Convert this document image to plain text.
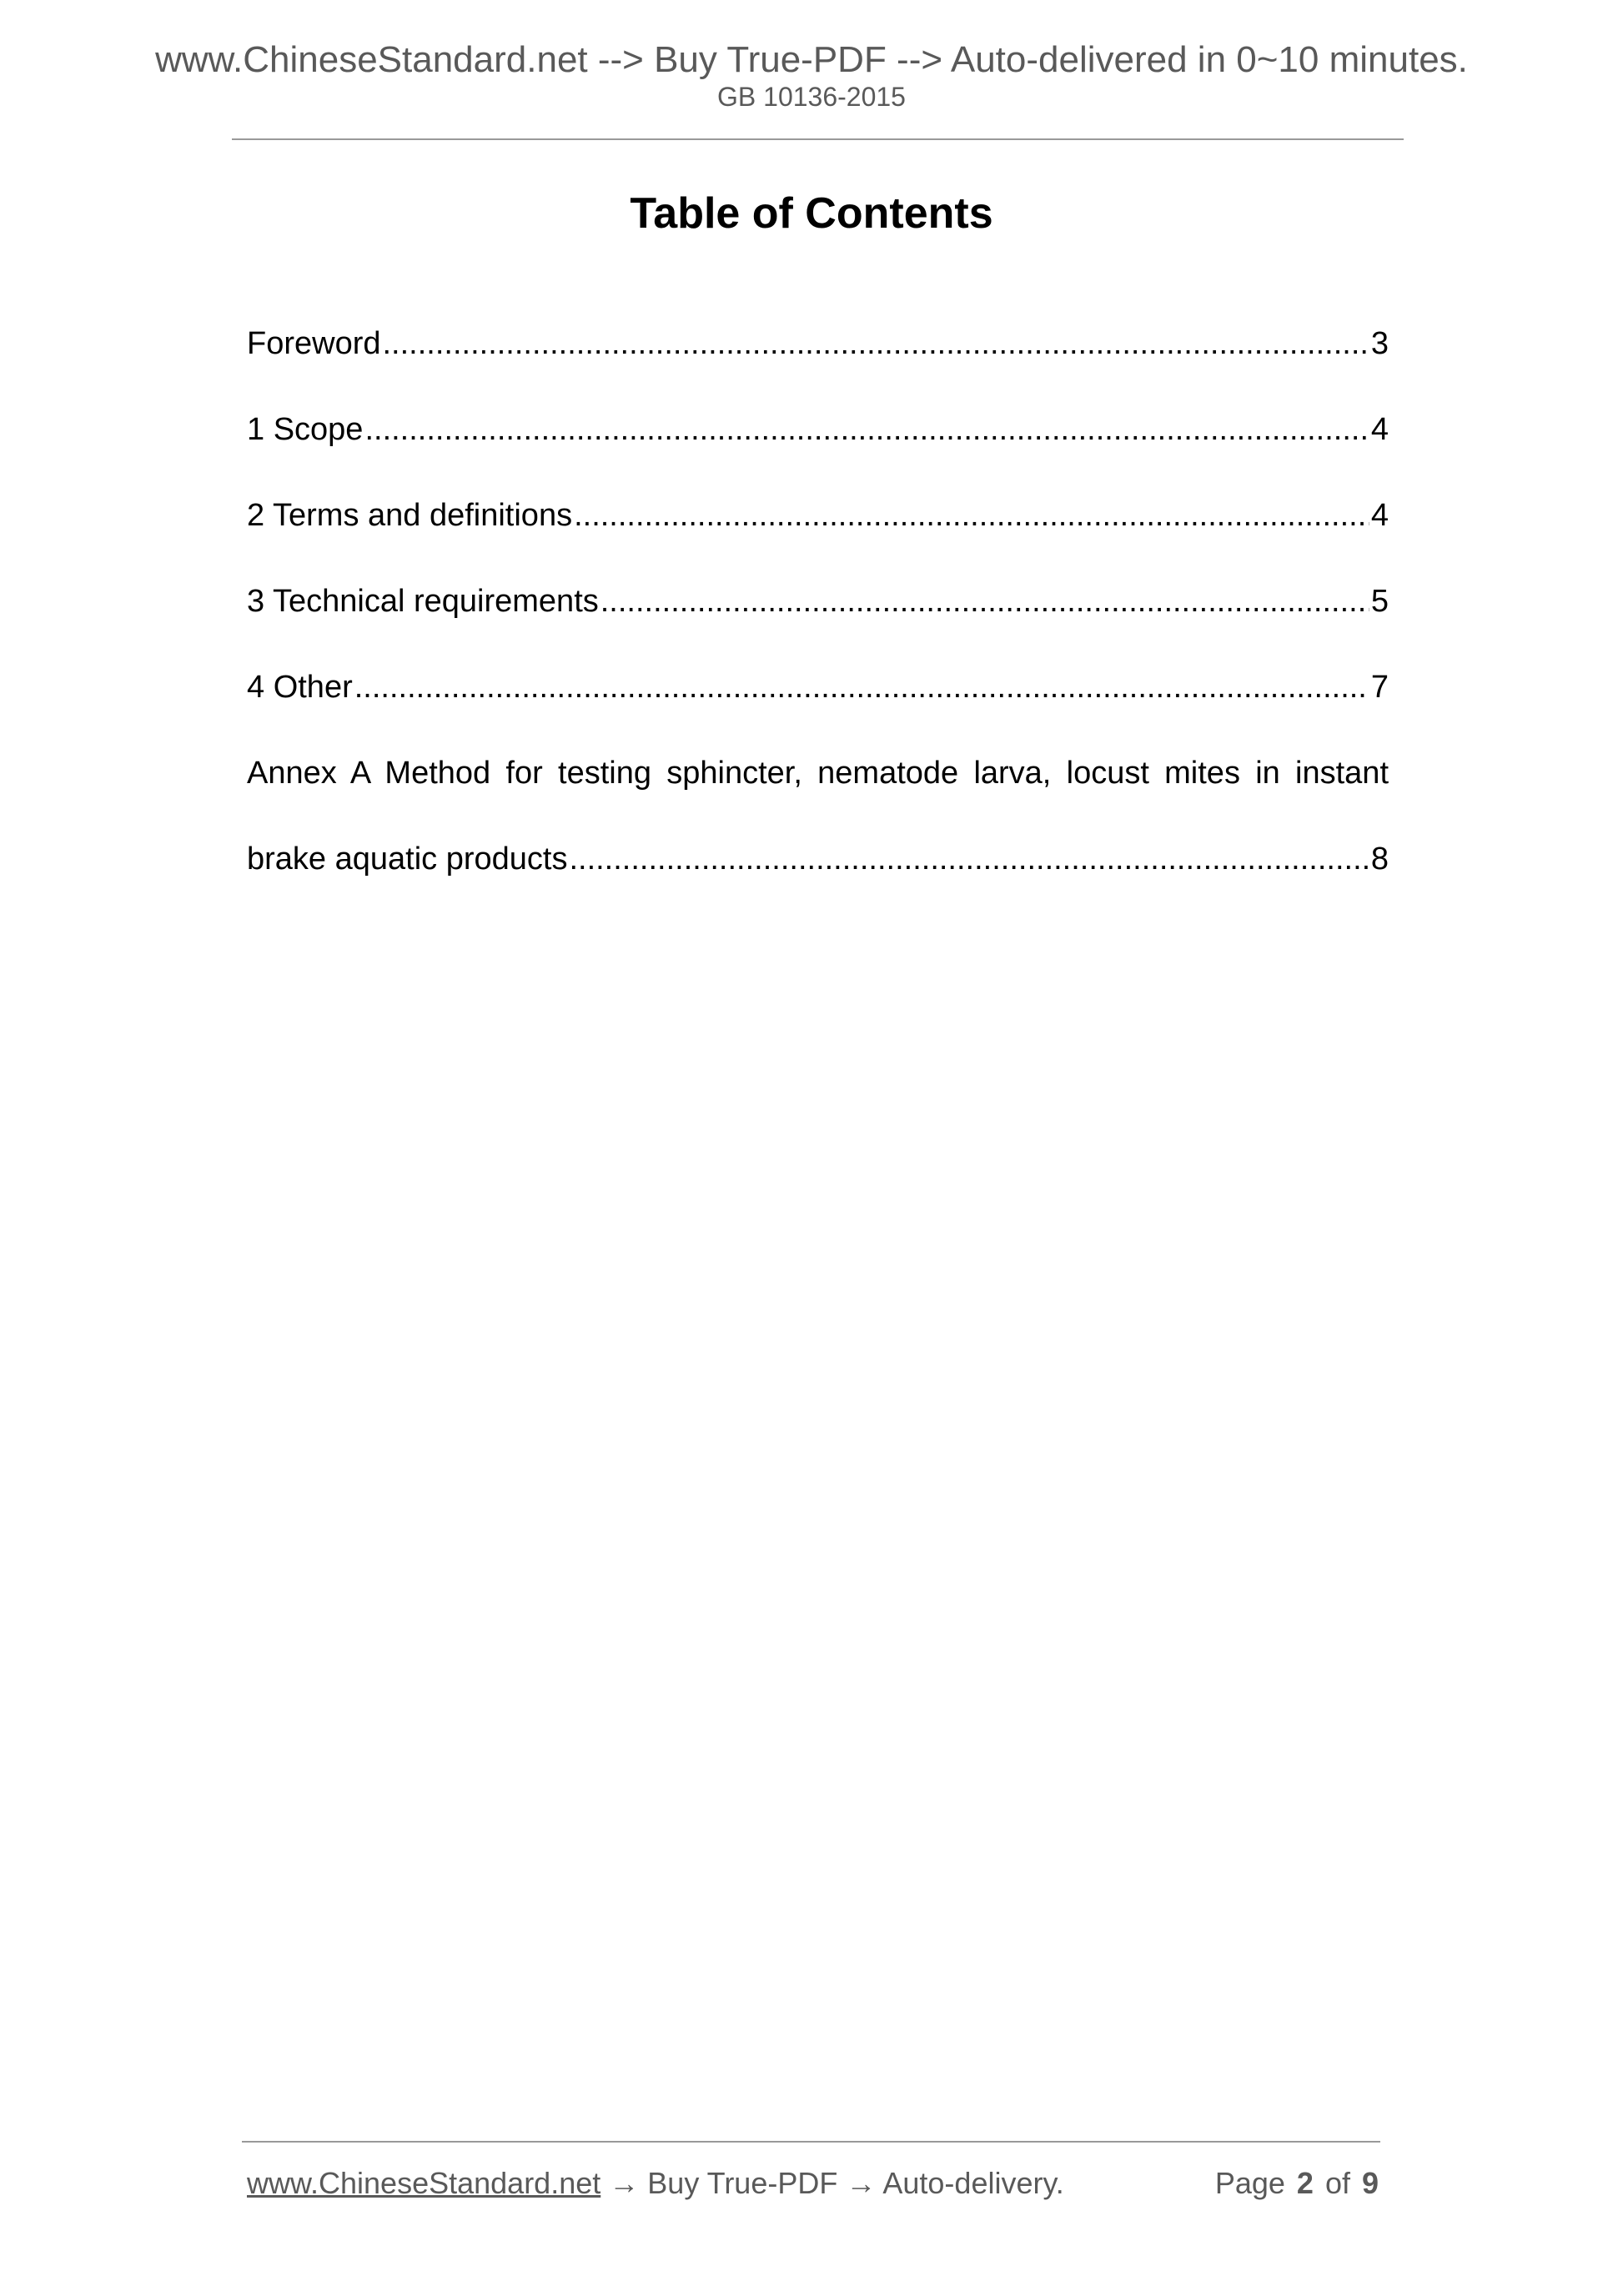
www.ChineseStandard.net --> Buy True-PDF --> Auto-delivered in 0~10 minutes.
GB 10136-2015
Table of Contents
Foreword .....	3
1 Scope .....	4
2 Terms and definitions .....	4
3 Technical requirements .....	5
4 Other .....	7
Annex A Method for testing sphincter, nematode larva, locust mites in instant
brake aquatic products .....	8
www.ChineseStandard.net → Buy True-PDF → Auto-delivery.	Page 2 of 9
